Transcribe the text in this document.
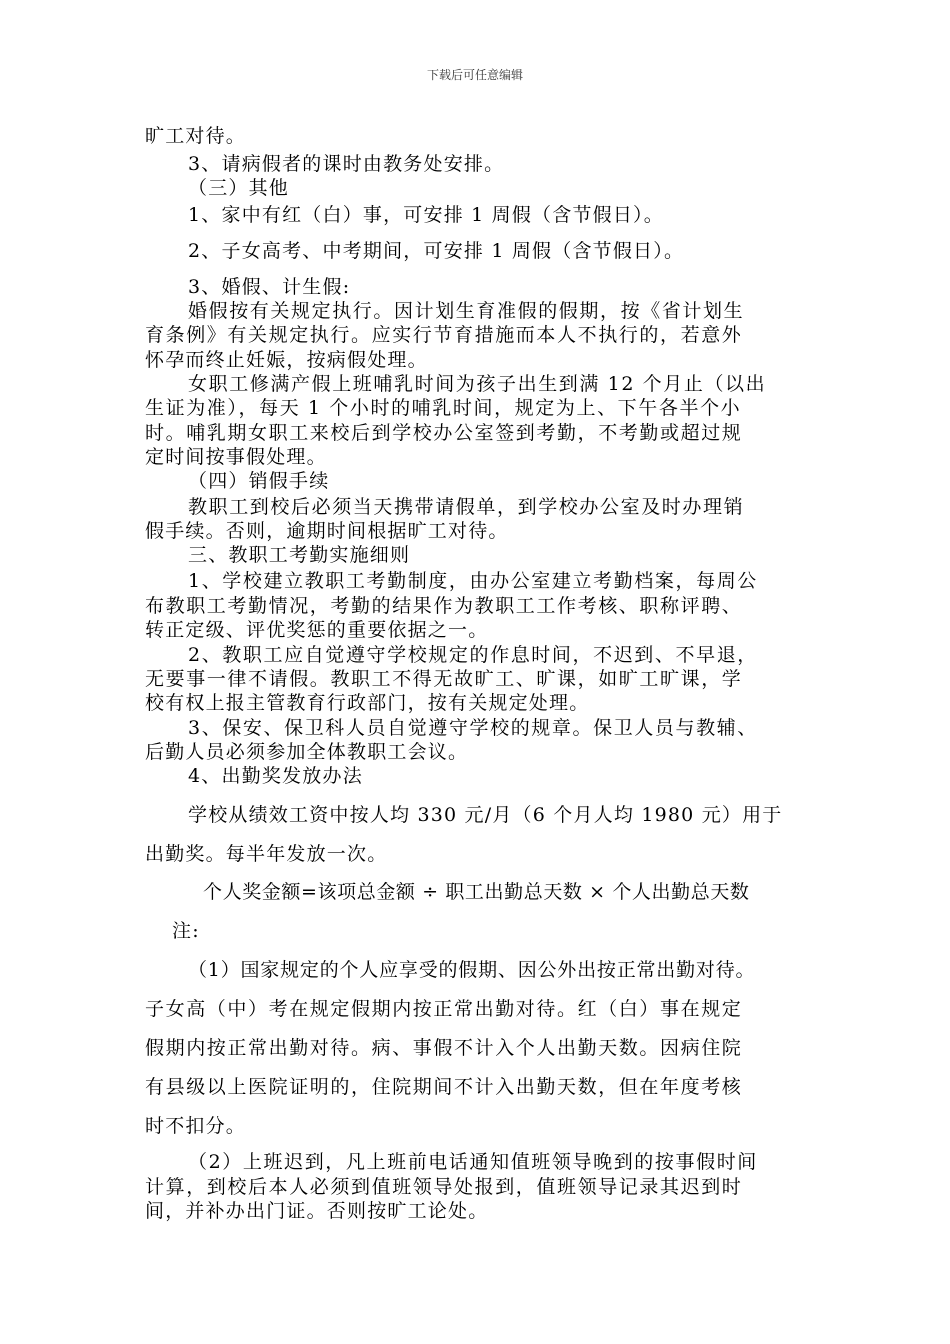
下载后可任意编辑
旷工对待。
3、请病假者的课时由教务处安排。
（三）其他
1、家中有红（白）事，可安排 1 周假（含节假日）。
2、子女高考、中考期间，可安排 1 周假（含节假日）。
3、婚假、计生假:
婚假按有关规定执行。因计划生育准假的假期，按《省计划生
育条例》有关规定执行。应实行节育措施而本人不执行的，若意外
怀孕而终止妊娠，按病假处理。
女职工修满产假上班哺乳时间为孩子出生到满 12 个月止（以出
生证为准），每天 1 个小时的哺乳时间，规定为上、下午各半个小
时。哺乳期女职工来校后到学校办公室签到考勤，不考勤或超过规
定时间按事假处理。
（四）销假手续
教职工到校后必须当天携带请假单，到学校办公室及时办理销
假手续。否则，逾期时间根据旷工对待。
三、教职工考勤实施细则
1、学校建立教职工考勤制度，由办公室建立考勤档案，每周公
布教职工考勤情况，考勤的结果作为教职工工作考核、职称评聘、
转正定级、评优奖惩的重要依据之一。
2、教职工应自觉遵守学校规定的作息时间，不迟到、不早退，
无要事一律不请假。教职工不得无故旷工、旷课，如旷工旷课，学
校有权上报主管教育行政部门，按有关规定处理。
3、保安、保卫科人员自觉遵守学校的规章。保卫人员与教辅、
后勤人员必须参加全体教职工会议。
4、出勤奖发放办法
学校从绩效工资中按人均 330 元/月（6 个月人均 1980 元）用于
出勤奖。每半年发放一次。
个人奖金额=该项总金额 ÷ 职工出勤总天数 × 个人出勤总天数
注:
（1）国家规定的个人应享受的假期、因公外出按正常出勤对待。
子女高（中）考在规定假期内按正常出勤对待。红（白）事在规定
假期内按正常出勤对待。病、事假不计入个人出勤天数。因病住院
有县级以上医院证明的，住院期间不计入出勤天数，但在年度考核
时不扣分。
（2）上班迟到，凡上班前电话通知值班领导晚到的按事假时间
计算，到校后本人必须到值班领导处报到，值班领导记录其迟到时
间，并补办出门证。否则按旷工论处。
